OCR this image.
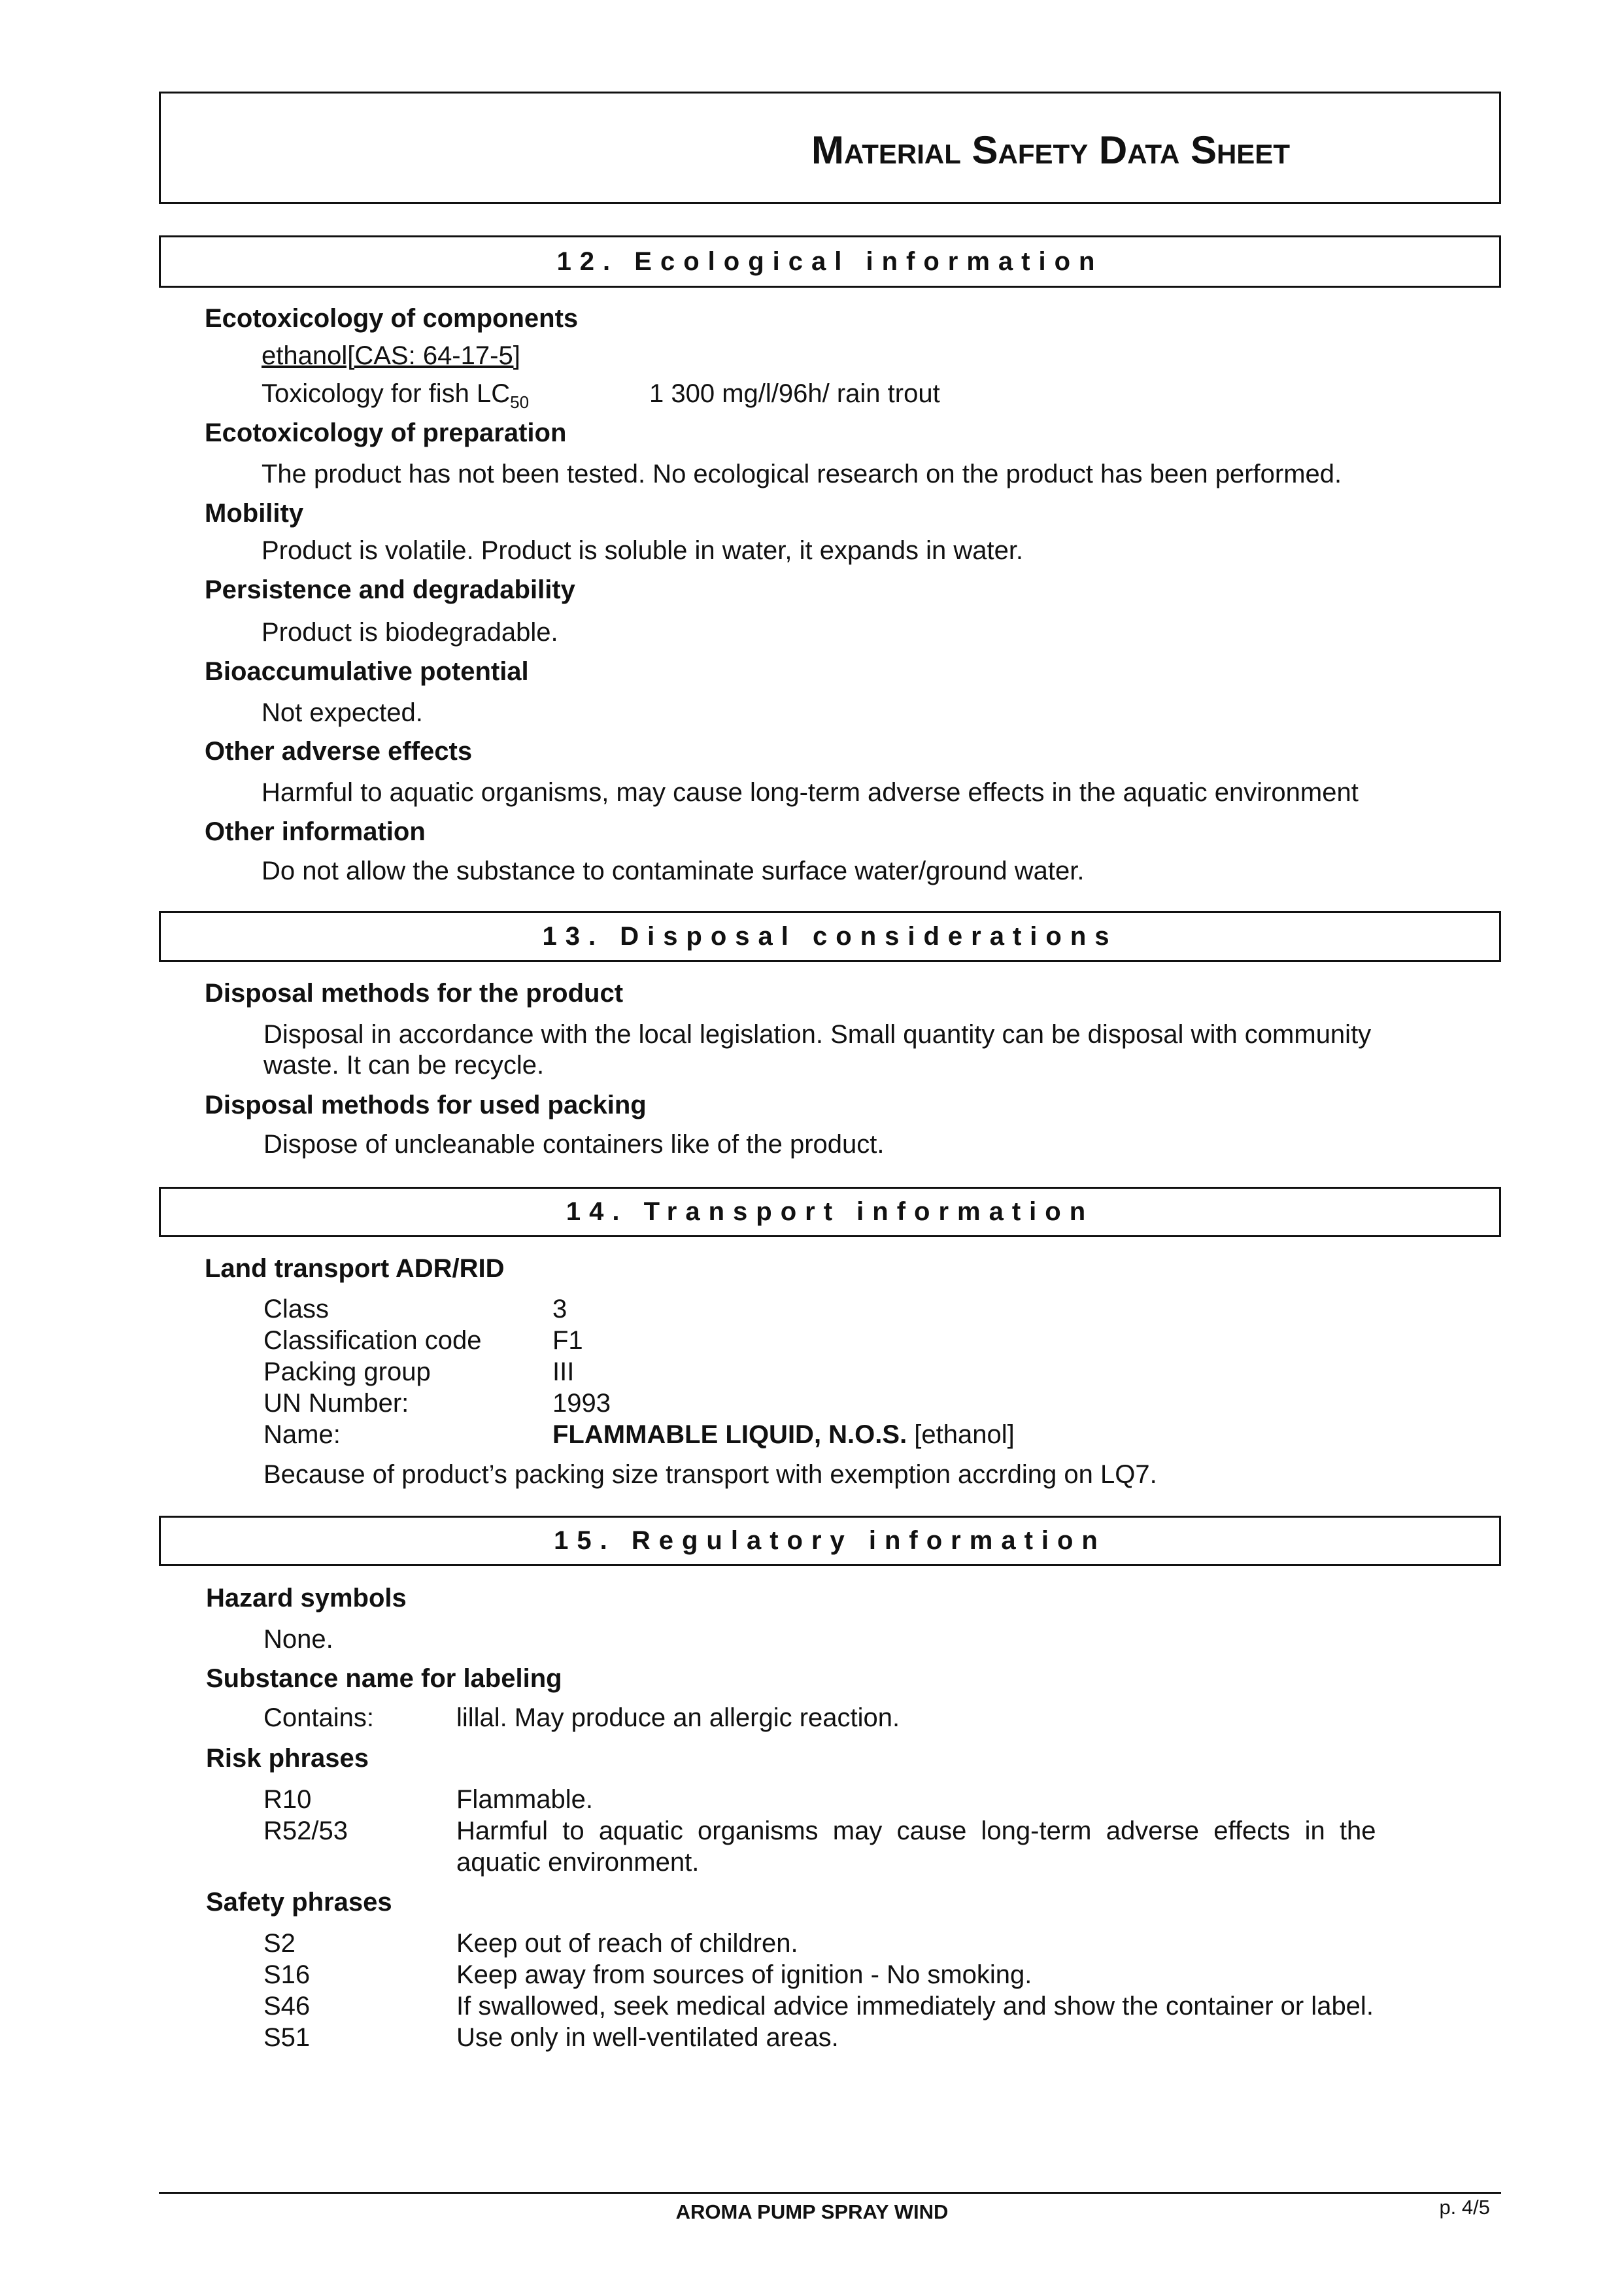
Material Safety Data Sheet
12. Ecological information
Ecotoxicology of components
ethanol[CAS: 64-17-5]
Toxicology for fish $LC_{50}$	1 300 mg/l/96h/ rain trout
Ecotoxicology of preparation
The product has not been tested. No ecological research on the product has been performed.
Mobility
Product is volatile. Product is soluble in water, it expands in water.
Persistence and degradability
Product is biodegradable.
Bioaccumulative potential
Not expected.
Other adverse effects
Harmful to aquatic organisms, may cause long-term adverse effects in the aquatic environment
Other information
Do not allow the substance to contaminate surface water/ground water.
13. Disposal considerations
Disposal methods for the product
Disposal in accordance with the local legislation. Small quantity can be disposal with community
waste. It can be recycle.
Disposal methods for used packing
Dispose of uncleanable containers like of the product.
14. Transport information
Land transport ADR/RID
Class	3
Classification code	F1
Packing group	III
UN Number:	1993
Name:	FLAMMABLE LIQUID, N.O.S. [ethanol]
Because of product’s packing size transport with exemption accrding on LQ7.
15. Regulatory information
Hazard symbols
None.
Substance name for labeling
Contains:	lillal. May produce an allergic reaction.
Risk phrases
R10	Flammable.
R52/53	Harmful  to  aquatic  organisms  may  cause  long-term  adverse  effects  in  the
aquatic environment.
Safety phrases
S2	Keep out of reach of children.
S16	Keep away from sources of ignition - No smoking.
S46	If swallowed, seek medical advice immediately and show the container or label.
S51	Use only in well-ventilated areas.
AROMA PUMP SPRAY WIND	p. 4/5
